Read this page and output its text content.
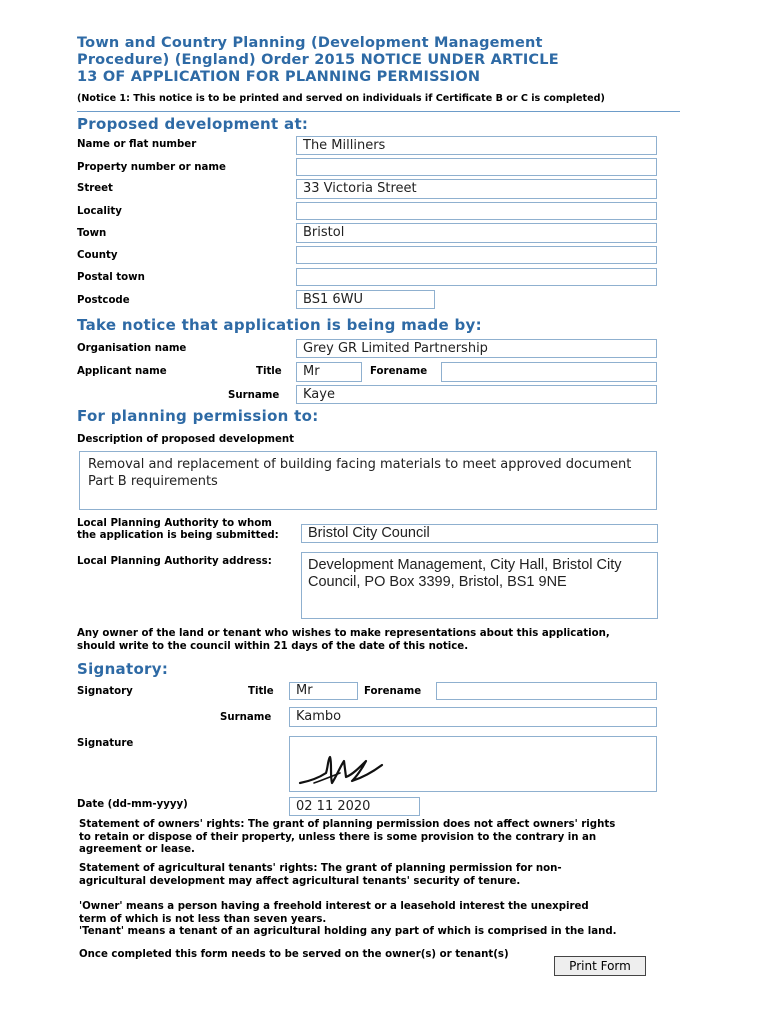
Town and Country Planning (Development Management
Procedure) (England) Order 2015 NOTICE UNDER ARTICLE
13 OF APPLICATION FOR PLANNING PERMISSION
(Notice 1: This notice is to be printed and served on individuals if Certificate B or C is completed)
Proposed development at:
Name or flat number	The Milliners
Property number or name
Street	33 Victoria Street
Locality
Town	Bristol
County
Postal town
Postcode	BS1 6WU
Take notice that application is being made by:
Organisation name	Grey GR Limited Partnership
Applicant name	Title	Mr	Forename
Surname	Kaye
For planning permission to:
Description of proposed development
Removal and replacement of building facing materials to meet approved document Part B requirements
Local Planning Authority to whom
the application is being submitted:	Bristol City Council
Local Planning Authority address:	Development Management, City Hall, Bristol City Council, PO Box 3399, Bristol, BS1 9NE
Any owner of the land or tenant who wishes to make representations about this application,
should write to the council within 21 days of the date of this notice.
Signatory:
Signatory	Title	Mr	Forename
Surname	Kambo
Signature
Date (dd-mm-yyyy)	02 11 2020
Statement of owners' rights: The grant of planning permission does not affect owners' rights
to retain or dispose of their property, unless there is some provision to the contrary in an
agreement or lease.
Statement of agricultural tenants' rights: The grant of planning permission for non-
agricultural development may affect agricultural tenants' security of tenure.
'Owner' means a person having a freehold interest or a leasehold interest the unexpired
term of which is not less than seven years.
'Tenant' means a tenant of an agricultural holding any part of which is comprised in the land.
Once completed this form needs to be served on the owner(s) or tenant(s)
Print Form
